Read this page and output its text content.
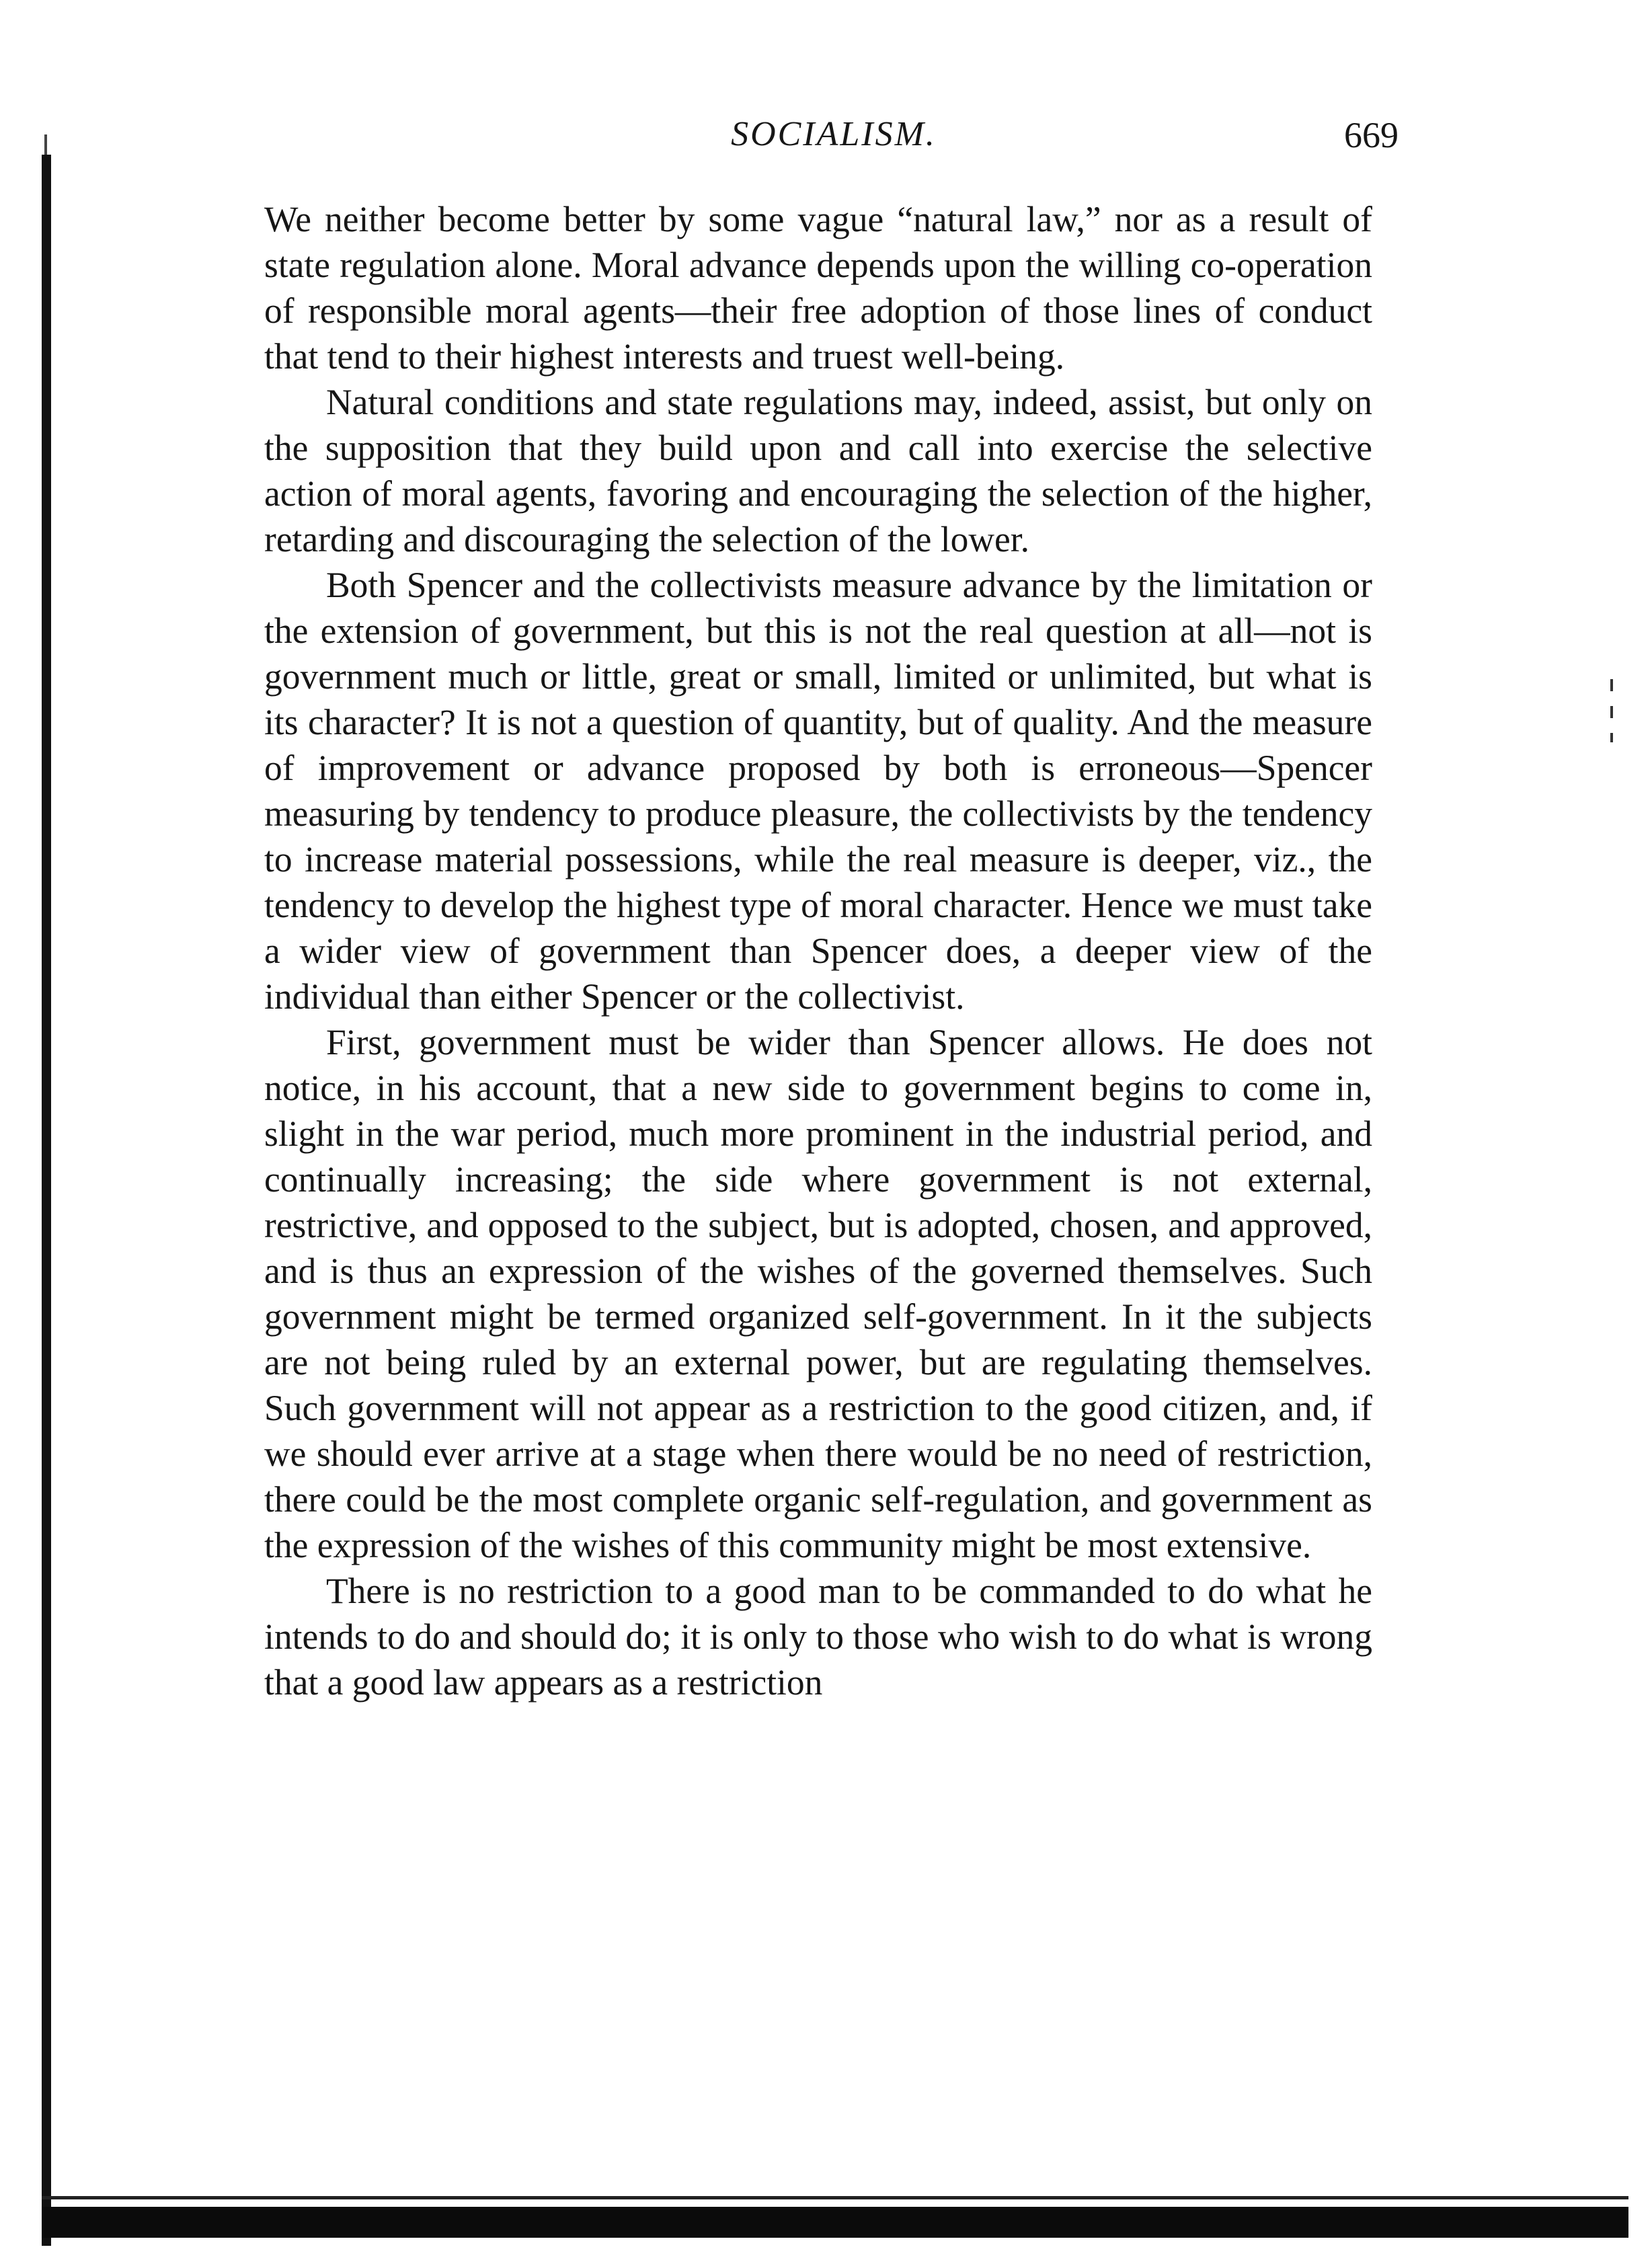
SOCIALISM.	669

We neither become better by some vague “natural law,” nor as a result of state regulation alone. Moral advance depends upon the willing co-operation of responsible moral agents—their free adoption of those lines of conduct that tend to their highest interests and truest well-being.

Natural conditions and state regulations may, indeed, assist, but only on the supposition that they build upon and call into exercise the selective action of moral agents, favoring and encouraging the selection of the higher, retarding and discouraging the selection of the lower.

Both Spencer and the collectivists measure advance by the limitation or the extension of government, but this is not the real question at all—not is government much or little, great or small, limited or unlimited, but what is its character? It is not a question of quantity, but of quality. And the measure of improvement or advance proposed by both is erroneous—Spencer measuring by tendency to produce pleasure, the collectivists by the tendency to increase material possessions, while the real measure is deeper, viz., the tendency to develop the highest type of moral character. Hence we must take a wider view of government than Spencer does, a deeper view of the individual than either Spencer or the collectivist.

First, government must be wider than Spencer allows. He does not notice, in his account, that a new side to government begins to come in, slight in the war period, much more prominent in the industrial period, and continually increasing; the side where government is not external, restrictive, and opposed to the subject, but is adopted, chosen, and approved, and is thus an expression of the wishes of the governed themselves. Such government might be termed organized self-government. In it the subjects are not being ruled by an external power, but are regulating themselves. Such government will not appear as a restriction to the good citizen, and, if we should ever arrive at a stage when there would be no need of restriction, there could be the most complete organic self-regulation, and government as the expression of the wishes of this community might be most extensive.

There is no restriction to a good man to be commanded to do what he intends to do and should do; it is only to those who wish to do what is wrong that a good law appears as a restriction
